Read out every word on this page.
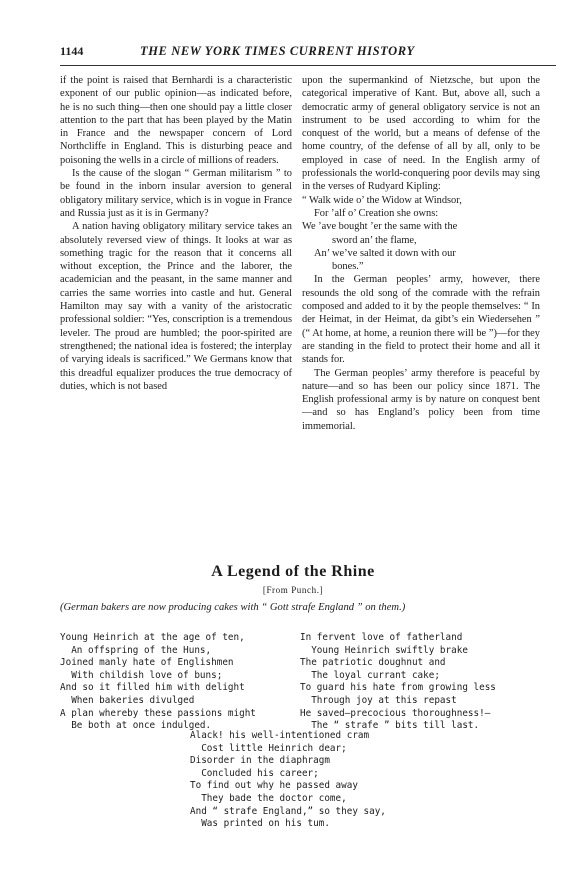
1144	THE NEW YORK TIMES CURRENT HISTORY

if the point is raised that Bernhardi is a characteristic exponent of our public opinion—as indicated before, he is no such thing—then one should pay a little closer attention to the part that has been played by the Matin in France and the newspaper concern of Lord Northcliffe in England. This is disturbing peace and poisoning the wells in a circle of millions of readers.

Is the cause of the slogan “ German militarism ” to be found in the inborn insular aversion to general obligatory military service, which is in vogue in France and Russia just as it is in Germany?

A nation having obligatory military service takes an absolutely reversed view of things. It looks at war as something tragic for the reason that it concerns all without exception, the Prince and the laborer, the academician and the peasant, in the same manner and carries the same worries into castle and hut. General Hamilton may say with a vanity of the aristocratic professional soldier: “Yes, conscription is a tremendous leveler. The proud are humbled; the poor-spirited are strengthened; the national idea is fostered; the interplay of varying ideals is sacrificed.” We Germans know that this dreadful equalizer produces the true democracy of duties, which is not based

upon the supermankind of Nietzsche, but upon the categorical imperative of Kant. But, above all, such a democratic army of general obligatory service is not an instrument to be used according to whim for the conquest of the world, but a means of defense of the home country, of the defense of all by all, only to be employed in case of need. In the English army of professionals the world-conquering poor devils may sing in the verses of Rudyard Kipling:

“ Walk wide o’ the Widow at Windsor,
For ’alf o’ Creation she owns:
We ’ave bought ’er the same with the
sword an’ the flame,
An’ we’ve salted it down with our
bones.”

In the German peoples’ army, however, there resounds the old song of the comrade with the refrain composed and added to it by the people themselves: “ In der Heimat, in der Heimat, da gibt’s ein Wiedersehen ” (“ At home, at home, a reunion there will be ”)—for they are standing in the field to protect their home and all it stands for.

The German peoples’ army therefore is peaceful by nature—and so has been our policy since 1871. The English professional army is by nature on conquest bent—and so has England’s policy been from time immemorial.

A Legend of the Rhine
[From Punch.]
(German bakers are now producing cakes with “ Gott strafe England ” on them.)
Young Heinrich at the age of ten,
An offspring of the Huns,
Joined manly hate of Englishmen
With childish love of buns;
And so it filled him with delight
When bakeries divulged
A plan whereby these passions might
Be both at once indulged.
In fervent love of fatherland
Young Heinrich swiftly brake
The patriotic doughnut and
The loyal currant cake;
To guard his hate from growing less
Through joy at this repast
He saved—precocious thoroughness!—
The “ strafe ” bits till last.
Alack! his well-intentioned cram
Cost little Heinrich dear;
Disorder in the diaphragm
Concluded his career;
To find out why he passed away
They bade the doctor come,
And “ strafe England,” so they say,
Was printed on his tum.
